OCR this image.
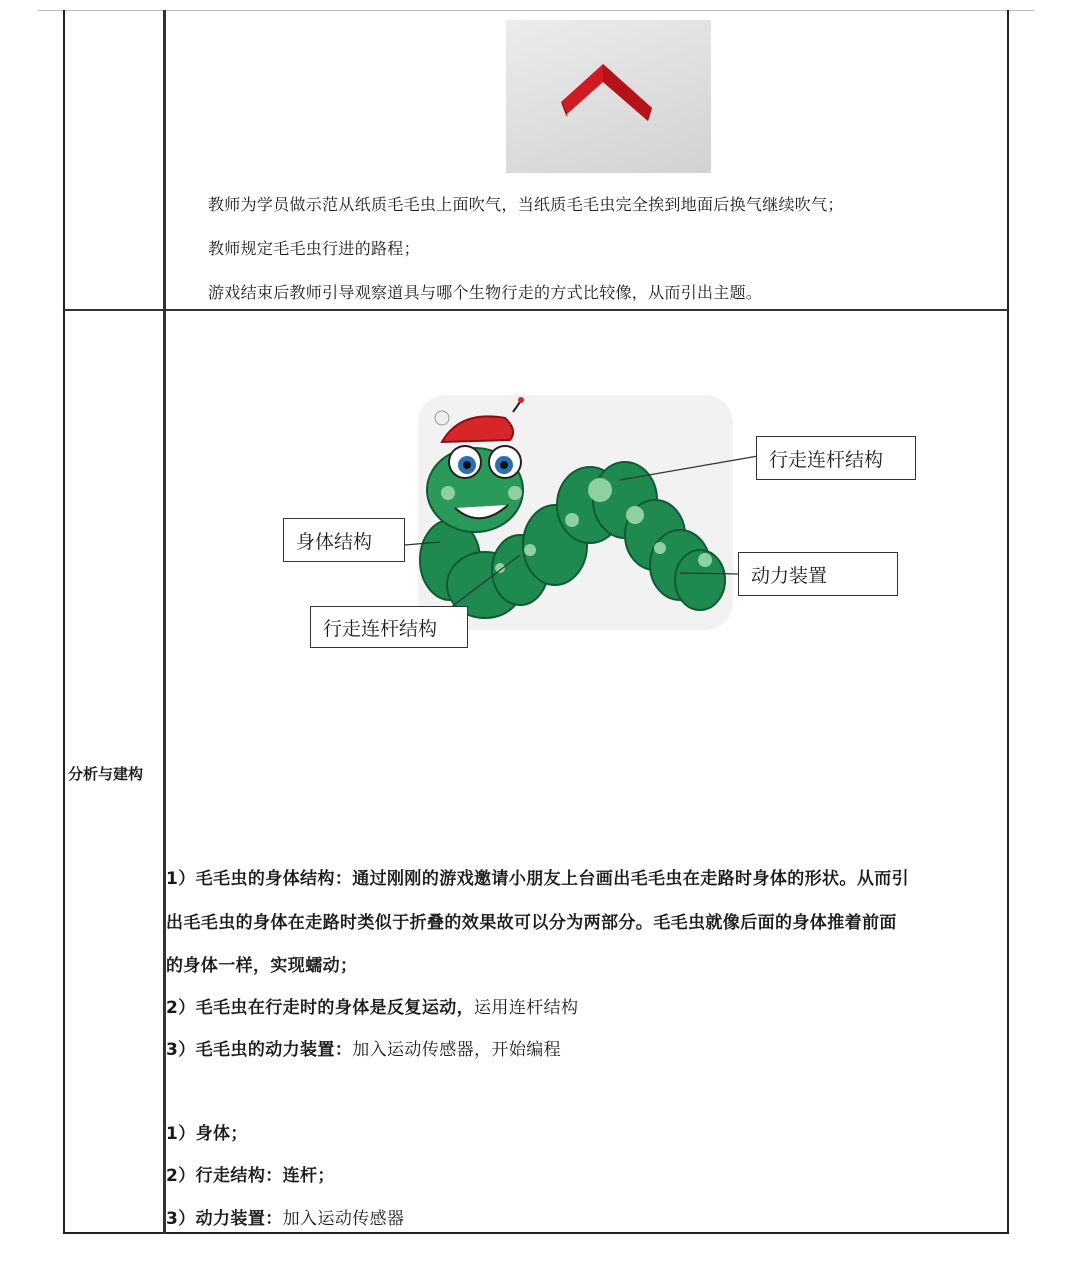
教师为学员做示范从纸质毛毛虫上面吹气，当纸质毛毛虫完全挨到地面后换气继续吹气；
教师规定毛毛虫行进的路程；
游戏结束后教师引导观察道具与哪个生物行走的方式比较像，从而引出主题。
分析与建构
行走连杆结构
身体结构
行走连杆结构
动力装置
1）毛毛虫的身体结构：通过刚刚的游戏邀请小朋友上台画出毛毛虫在走路时身体的形状。从而引
出毛毛虫的身体在走路时类似于折叠的效果故可以分为两部分。毛毛虫就像后面的身体推着前面
的身体一样，实现蠕动；
2）毛毛虫在行走时的身体是反复运动，运用连杆结构
3）毛毛虫的动力装置：加入运动传感器，开始编程
1）身体；
2）行走结构：连杆；
3）动力装置：加入运动传感器
